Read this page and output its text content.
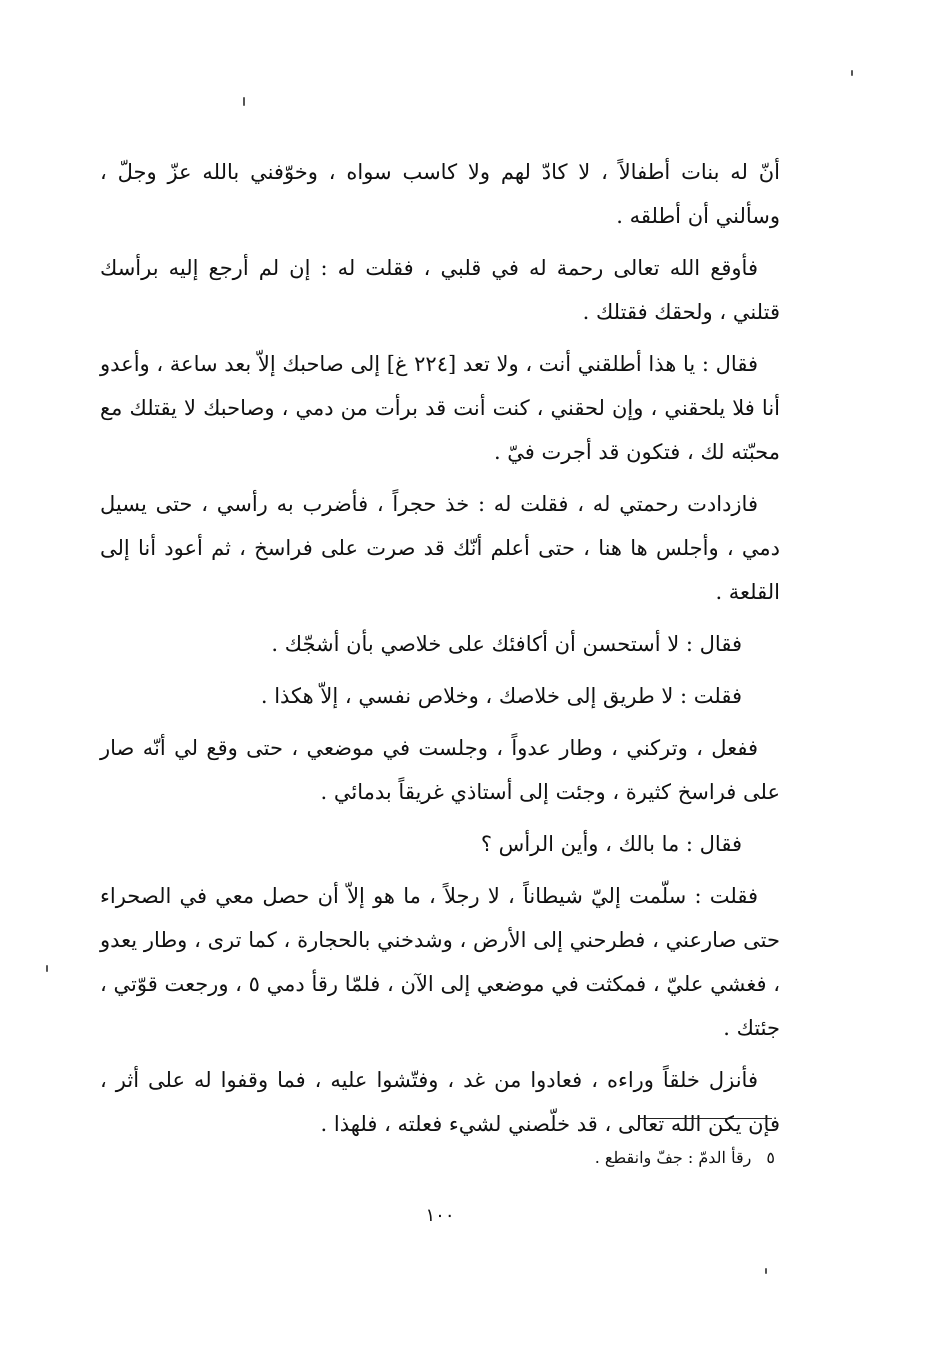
أنّ له بنات أطفالاً ، لا كادّ لهم ولا كاسب سواه ، وخوّفني بالله عزّ وجلّ ، وسألني أن أطلقه .

فأوقع الله تعالى رحمة له في قلبي ، فقلت له : إن لم أرجع إليه برأسك قتلني ، ولحقك فقتلك .

فقال : يا هذا أطلقني أنت ، ولا تعد [٢٢٤ غ] إلى صاحبك إلاّ بعد ساعة ، وأعدو أنا فلا يلحقني ، وإن لحقني ، كنت أنت قد برأت من دمي ، وصاحبك لا يقتلك مع محبّته لك ، فتكون قد أجرت فيّ .

فازدادت رحمتي له ، فقلت له : خذ حجراً ، فأضرب به رأسي ، حتى يسيل دمي ، وأجلس ها هنا ، حتى أعلم أنّك قد صرت على فراسخ ، ثم أعود أنا إلى القلعة .

فقال : لا أستحسن أن أكافئك على خلاصي بأن أشجّك .

فقلت : لا طريق إلى خلاصك ، وخلاص نفسي ، إلاّ هكذا .

ففعل ، وتركني ، وطار عدواً ، وجلست في موضعي ، حتى وقع لي أنّه صار على فراسخ كثيرة ، وجئت إلى أستاذي غريقاً بدمائي .

فقال : ما بالك ، وأين الرأس ؟

فقلت : سلّمت إليّ شيطاناً ، لا رجلاً ، ما هو إلاّ أن حصل معي في الصحراء حتى صارعني ، فطرحني إلى الأرض ، وشدخني بالحجارة ، كما ترى ، وطار يعدو ، فغشي عليّ ، فمكثت في موضعي إلى الآن ، فلمّا رقأ دمي ٥ ، ورجعت قوّتي ، جئتك .

فأنزل خلقاً وراءه ، فعادوا من غد ، وفتّشوا عليه ، فما وقفوا له على أثر ، فإن يكن الله تعالى ، قد خلّصني لشيء فعلته ، فلهذا .

٥ رقأ الدمّ : جفّ وانقطع .
١٠٠
